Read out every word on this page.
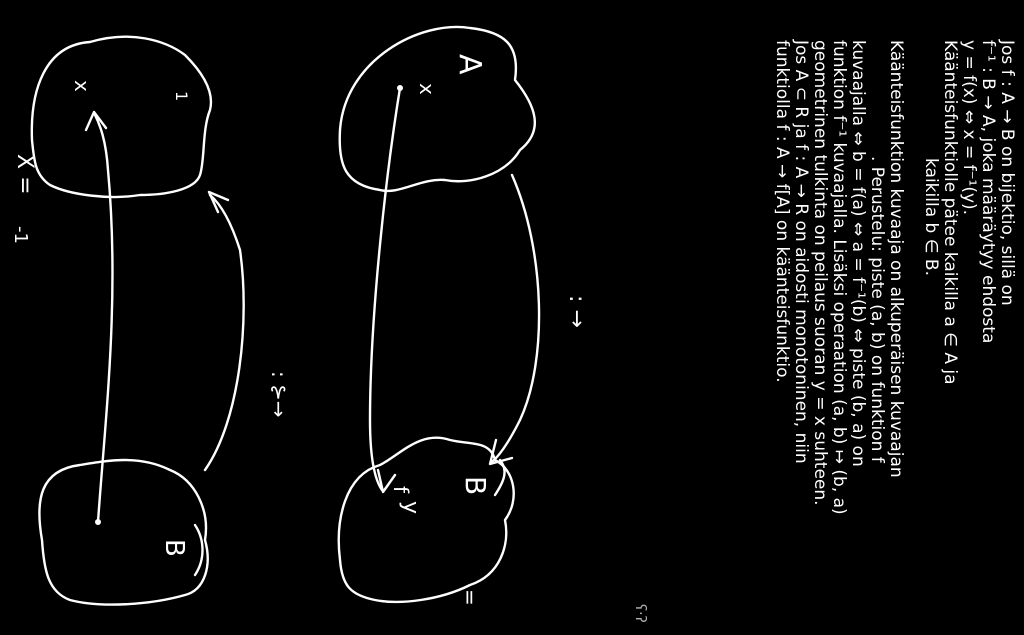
Jos f : A → B on bijektio, sillä on
f⁻¹ : B → A, joka määräytyy ehdosta
y = f(x) ⇔ x = f⁻¹(y).
Käänteisfunktiolle pätee kaikilla a ∈ A ja
kaikilla b ∈ B.
Käänteisfunktion kuvaaja on alkuperäisen kuvaajan
. Perustelu: piste (a, b) on funktion f
kuvaajalla ⇔ b = f(a) ⇔ a = f⁻¹(b) ⇔ piste (b, a) on
funktion f⁻¹ kuvaajalla. Lisäksi operaation (a, b) ↦ (b, a)
geometrinen tulkinta on peilaus suoran y = x suhteen.
Jos A ⊂ R ja f : A → R on aidosti monotoninen, niin
funktiolla f : A → f[A] on käänteisfunktio.
A
x
B
f
y
: →
x
1
B
: ⊱→
X =
-1
=
ʕ·ʔ
